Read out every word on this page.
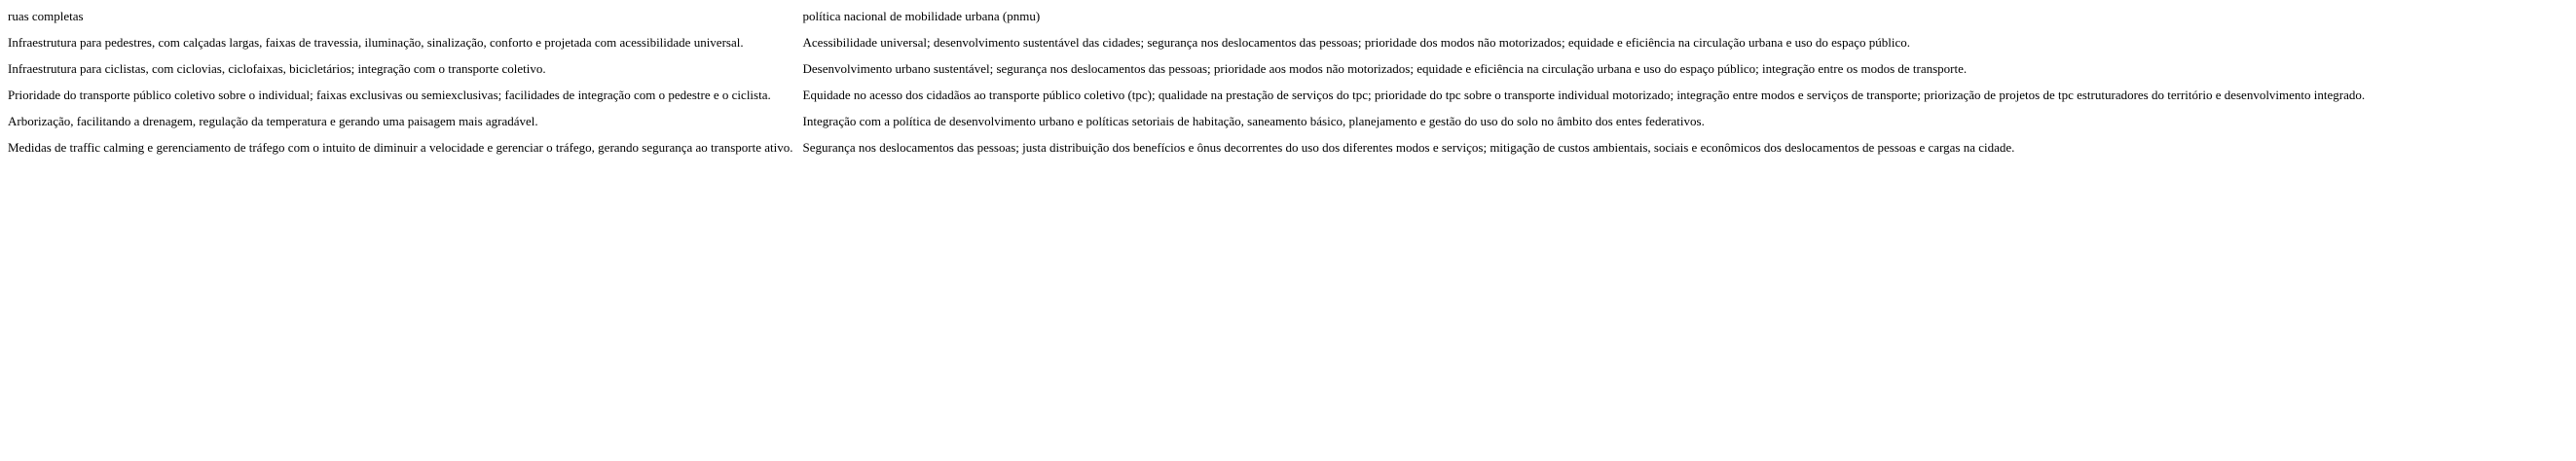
ruas completas	política nacional de mobilidade urbana (pnmu)
Infraestrutura para pedestres, com calçadas largas, faixas de travessia, iluminação, sinalização, conforto e projetada com acessibilidade universal.	Acessibilidade universal; desenvolvimento sustentável das cidades; segurança nos deslocamentos das pessoas; prioridade dos modos não motorizados; equidade e eficiência na circulação urbana e uso do espaço público.
Infraestrutura para ciclistas, com ciclovias, ciclofaixas, bicicletários; integração com o transporte coletivo.	Desenvolvimento urbano sustentável; segurança nos deslocamentos das pessoas; prioridade aos modos não motorizados; equidade e eficiência na circulação urbana e uso do espaço público; integração entre os modos de transporte.
Prioridade do transporte público coletivo sobre o individual; faixas exclusivas ou semiexclusivas; facilidades de integração com o pedestre e o ciclista.	Equidade no acesso dos cidadãos ao transporte público coletivo (tpc); qualidade na prestação de serviços do tpc; prioridade do tpc sobre o transporte individual motorizado; integração entre modos e serviços de transporte; priorização de projetos de tpc estruturadores do território e desenvolvimento integrado.
Arborização, facilitando a drenagem, regulação da temperatura e gerando uma paisagem mais agradável.	Integração com a política de desenvolvimento urbano e políticas setoriais de habitação, saneamento básico, planejamento e gestão do uso do solo no âmbito dos entes federativos.
Medidas de traffic calming e gerenciamento de tráfego com o intuito de diminuir a velocidade e gerenciar o tráfego, gerando segurança ao transporte ativo.	Segurança nos deslocamentos das pessoas; justa distribuição dos benefícios e ônus decorrentes do uso dos diferentes modos e serviços; mitigação de custos ambientais, sociais e econômicos dos deslocamentos de pessoas e cargas na cidade.
